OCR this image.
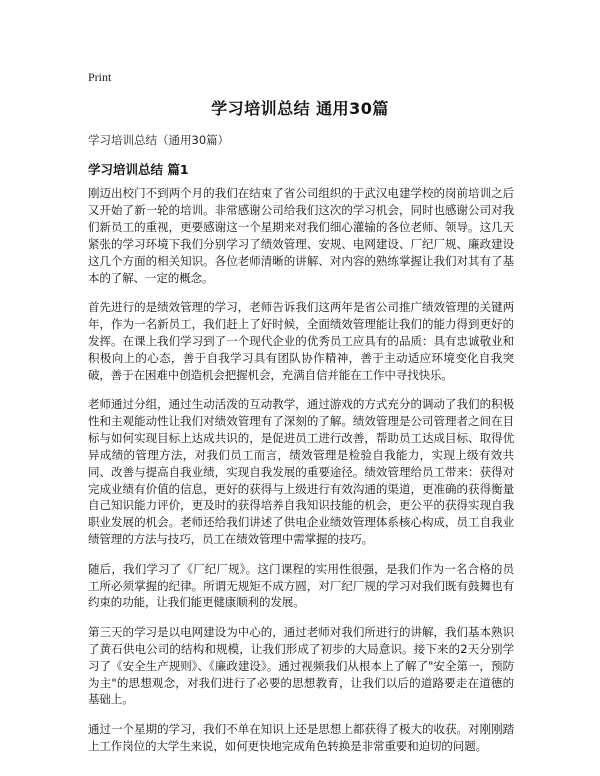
Print
学习培训总结 通用30篇
学习培训总结（通用30篇）
学习培训总结 篇1

刚迈出校门不到两个月的我们在结束了省公司组织的于武汉电建学校的岗前培训之后又开始了新一轮的培训。非常感谢公司给我们这次的学习机会，同时也感谢公司对我们新员工的重视，更要感谢这一个星期来对我们细心灌输的各位老师、领导。这几天紧张的学习环境下我们分别学习了绩效管理、安规、电网建设、厂纪厂规、廉政建设这几个方面的相关知识。各位老师清晰的讲解、对内容的熟练掌握让我们对其有了基本的了解、一定的概念。

首先进行的是绩效管理的学习，老师告诉我们这两年是省公司推广绩效管理的关键两年，作为一名新员工，我们赶上了好时候，全面绩效管理能让我们的能力得到更好的发挥。在课上我们学习到了一个现代企业的优秀员工应具有的品质：具有忠诚敬业和积极向上的心态，善于自我学习具有团队协作精神，善于主动适应环境变化自我突破，善于在困难中创造机会把握机会，充满自信并能在工作中寻找快乐。

老师通过分组，通过生动活泼的互动教学，通过游戏的方式充分的调动了我们的积极性和主观能动性让我们对绩效管理有了深刻的了解。绩效管理是公司管理者之间在目标与如何实现目标上达成共识的，是促进员工进行改善，帮助员工达成目标、取得优异成绩的管理方法，对我们员工而言，绩效管理是检验自我能力，实现上级有效共同、改善与提高自我业绩，实现自我发展的重要途径。绩效管理给员工带来：获得对完成业绩有价值的信息，更好的获得与上级进行有效沟通的渠道，更准确的获得衡量自己知识能力评价，更及时的获得培养自我知识技能的机会，更公平的获得实现自我职业发展的机会。老师还给我们讲述了供电企业绩效管理体系核心构成，员工自我业绩管理的方法与技巧，员工在绩效管理中需掌握的技巧。

随后，我们学习了《厂纪厂规》。这门课程的实用性很强，是我们作为一名合格的员工所必须掌握的纪律。所谓无规矩不成方圆，对厂纪厂规的学习对我们既有鼓舞也有约束的功能，让我们能更健康顺利的发展。

第三天的学习是以电网建设为中心的，通过老师对我们所进行的讲解，我们基本熟识了黄石供电公司的结构和规模，让我们形成了初步的大局意识。接下来的2天分别学习了《安全生产规则》、《廉政建设》。通过视频我们从根本上了解了"安全第一，预防为主"的思想观念，对我们进行了必要的思想教育，让我们以后的道路要走在道德的基础上。

通过一个星期的学习，我们不单在知识上还是思想上都获得了极大的收获。对刚刚踏上工作岗位的大学生来说，如何更快地完成角色转换是非常重要和迫切的问题。
